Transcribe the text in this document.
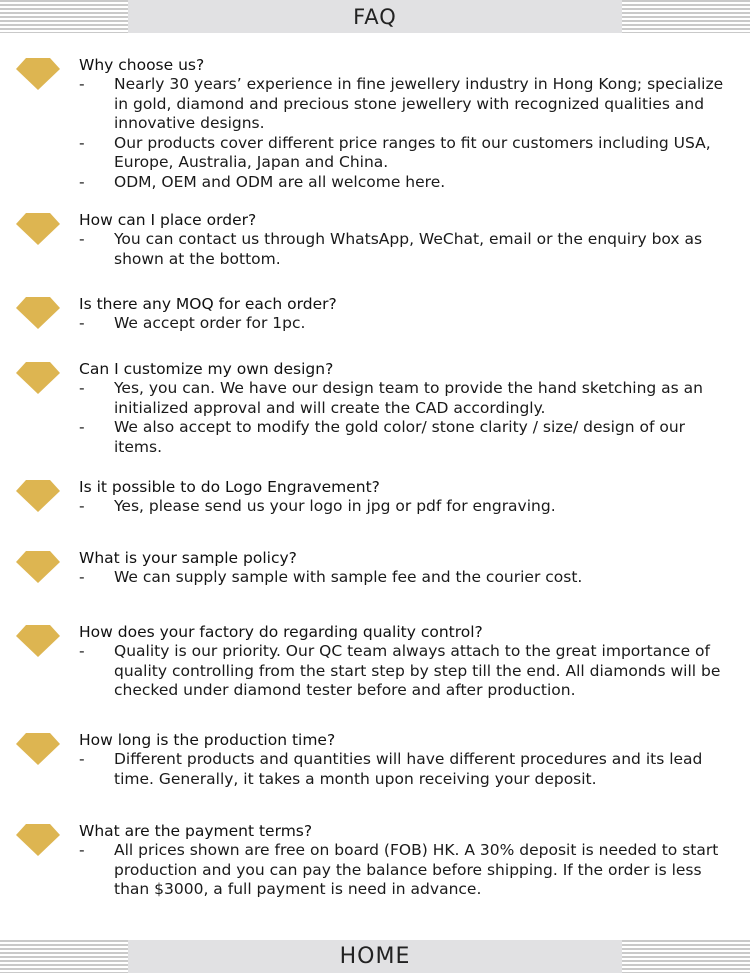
FAQ
Why choose us?
- Nearly 30 years’ experience in fine jewellery industry in Hong Kong; specialize in gold, diamond and precious stone jewellery with recognized qualities and innovative designs.
- Our products cover different price ranges to fit our customers including USA, Europe, Australia, Japan and China.
- ODM, OEM and ODM are all welcome here.
How can I place order?
- You can contact us through WhatsApp, WeChat, email or the enquiry box as shown at the bottom.
Is there any MOQ for each order?
- We accept order for 1pc.
Can I customize my own design?
- Yes, you can. We have our design team to provide the hand sketching as an initialized approval and will create the CAD accordingly.
- We also accept to modify the gold color/ stone clarity / size/ design of our items.
Is it possible to do Logo Engravement?
- Yes, please send us your logo in jpg or pdf for engraving.
What is your sample policy?
- We can supply sample with sample fee and the courier cost.
How does your factory do regarding quality control?
- Quality is our priority. Our QC team always attach to the great importance of quality controlling from the start step by step till the end. All diamonds will be checked under diamond tester before and after production.
How long is the production time?
- Different products and quantities will have different procedures and its lead time. Generally, it takes a month upon receiving your deposit.
What are the payment terms?
- All prices shown are free on board (FOB) HK. A 30% deposit is needed to start production and you can pay the balance before shipping. If the order is less than $3000, a full payment is need in advance.
HOME
